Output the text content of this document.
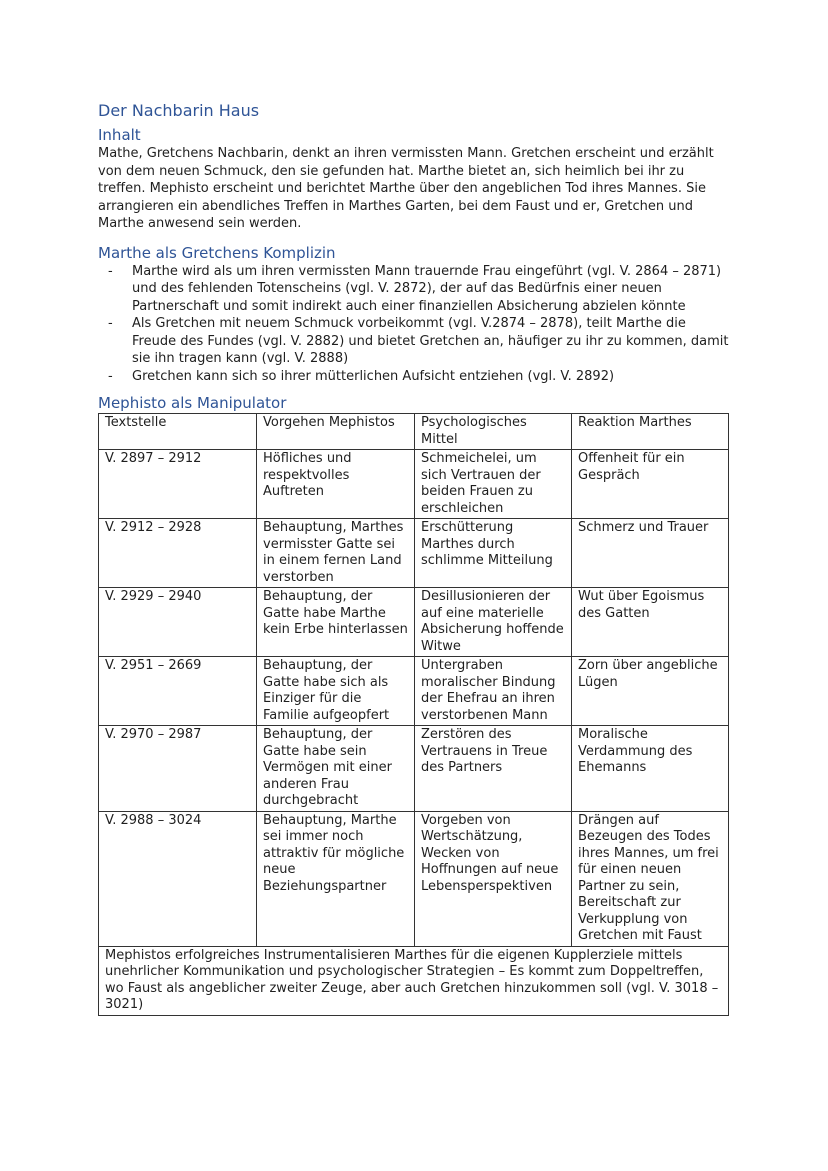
Der Nachbarin Haus
Inhalt

Mathe, Gretchens Nachbarin, denkt an ihren vermissten Mann. Gretchen erscheint und erzählt von dem neuen Schmuck, den sie gefunden hat. Marthe bietet an, sich heimlich bei ihr zu treffen. Mephisto erscheint und berichtet Marthe über den angeblichen Tod ihres Mannes. Sie arrangieren ein abendliches Treffen in Marthes Garten, bei dem Faust und er, Gretchen und Marthe anwesend sein werden.

Marthe als Gretchens Komplizin
- Marthe wird als um ihren vermissten Mann trauernde Frau eingeführt (vgl. V. 2864 – 2871) und des fehlenden Totenscheins (vgl. V. 2872), der auf das Bedürfnis einer neuen Partnerschaft und somit indirekt auch einer finanziellen Absicherung abzielen könnte
- Als Gretchen mit neuem Schmuck vorbeikommt (vgl. V.2874 – 2878), teilt Marthe die Freude des Fundes (vgl. V. 2882) und bietet Gretchen an, häufiger zu ihr zu kommen, damit sie ihn tragen kann (vgl. V. 2888)
- Gretchen kann sich so ihrer mütterlichen Aufsicht entziehen (vgl. V. 2892)
Mephisto als Manipulator
Textstelle	Vorgehen Mephistos	Psychologisches Mittel	Reaktion Marthes
V. 2897 – 2912	Höfliches und respektvolles Auftreten	Schmeichelei, um sich Vertrauen der beiden Frauen zu erschleichen	Offenheit für ein Gespräch
V. 2912 – 2928	Behauptung, Marthes vermisster Gatte sei in einem fernen Land verstorben	Erschütterung Marthes durch schlimme Mitteilung	Schmerz und Trauer
V. 2929 – 2940	Behauptung, der Gatte habe Marthe kein Erbe hinterlassen	Desillusionieren der auf eine materielle Absicherung hoffende Witwe	Wut über Egoismus des Gatten
V. 2951 – 2669	Behauptung, der Gatte habe sich als Einziger für die Familie aufgeopfert	Untergraben moralischer Bindung der Ehefrau an ihren verstorbenen Mann	Zorn über angebliche Lügen
V. 2970 – 2987	Behauptung, der Gatte habe sein Vermögen mit einer anderen Frau durchgebracht	Zerstören des Vertrauens in Treue des Partners	Moralische Verdammung des Ehemanns
V. 2988 – 3024	Behauptung, Marthe sei immer noch attraktiv für mögliche neue Beziehungspartner	Vorgeben von Wertschätzung, Wecken von Hoffnungen auf neue Lebensperspektiven	Drängen auf Bezeugen des Todes ihres Mannes, um frei für einen neuen Partner zu sein, Bereitschaft zur Verkupplung von Gretchen mit Faust
Mephistos erfolgreiches Instrumentalisieren Marthes für die eigenen Kupplerziele mittels unehrlicher Kommunikation und psychologischer Strategien – Es kommt zum Doppeltreffen, wo Faust als angeblicher zweiter Zeuge, aber auch Gretchen hinzukommen soll (vgl. V. 3018 – 3021)			
